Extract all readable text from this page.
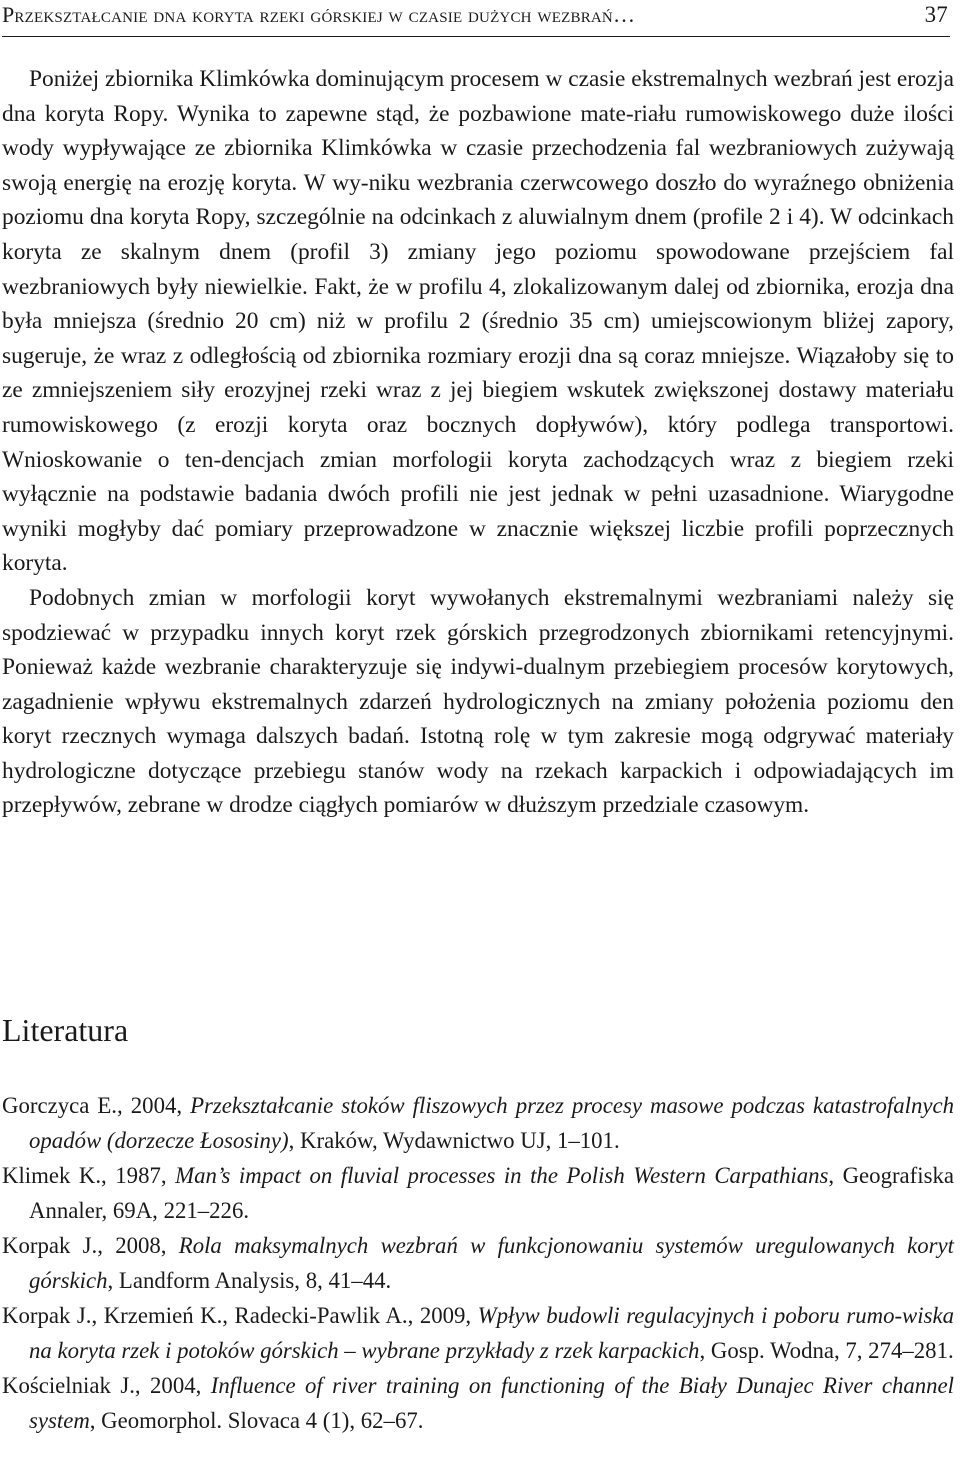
Przekształcanie dna koryta rzeki górskiej w czasie dużych wezbrań…	37

Poniżej zbiornika Klimkówka dominującym procesem w czasie ekstremalnych wezbrań jest erozja dna koryta Ropy. Wynika to zapewne stąd, że pozbawione mate-riału rumowiskowego duże ilości wody wypływające ze zbiornika Klimkówka w czasie przechodzenia fal wezbraniowych zużywają swoją energię na erozję koryta. W wy-niku wezbrania czerwcowego doszło do wyraźnego obniżenia poziomu dna koryta Ropy, szczególnie na odcinkach z aluwialnym dnem (profile 2 i 4). W odcinkach koryta ze skalnym dnem (profil 3) zmiany jego poziomu spowodowane przejściem fal wezbraniowych były niewielkie. Fakt, że w profilu 4, zlokalizowanym dalej od zbiornika, erozja dna była mniejsza (średnio 20 cm) niż w profilu 2 (średnio 35 cm) umiejscowionym bliżej zapory, sugeruje, że wraz z odległością od zbiornika rozmiary erozji dna są coraz mniejsze. Wiązałoby się to ze zmniejszeniem siły erozyjnej rzeki wraz z jej biegiem wskutek zwiększonej dostawy materiału rumowiskowego (z erozji koryta oraz bocznych dopływów), który podlega transportowi. Wnioskowanie o ten-dencjach zmian morfologii koryta zachodzących wraz z biegiem rzeki wyłącznie na podstawie badania dwóch profili nie jest jednak w pełni uzasadnione. Wiarygodne wyniki mogłyby dać pomiary przeprowadzone w znacznie większej liczbie profili poprzecznych koryta.

Podobnych zmian w morfologii koryt wywołanych ekstremalnymi wezbraniami należy się spodziewać w przypadku innych koryt rzek górskich przegrodzonych zbiornikami retencyjnymi. Ponieważ każde wezbranie charakteryzuje się indywi-dualnym przebiegiem procesów korytowych, zagadnienie wpływu ekstremalnych zdarzeń hydrologicznych na zmiany położenia poziomu den koryt rzecznych wymaga dalszych badań. Istotną rolę w tym zakresie mogą odgrywać materiały hydrologiczne dotyczące przebiegu stanów wody na rzekach karpackich i odpowiadających im przepływów, zebrane w drodze ciągłych pomiarów w dłuższym przedziale czasowym.

Literatura

Gorczyca E., 2004, Przekształcanie stoków fliszowych przez procesy masowe podczas katastrofalnych opadów (dorzecze Łososiny), Kraków, Wydawnictwo UJ, 1–101.

Klimek K., 1987, Man’s impact on fluvial processes in the Polish Western Carpathians, Geografiska Annaler, 69A, 221–226.

Korpak J., 2008, Rola maksymalnych wezbrań w funkcjonowaniu systemów uregulowanych koryt górskich, Landform Analysis, 8, 41–44.

Korpak J., Krzemień K., Radecki-Pawlik A., 2009, Wpływ budowli regulacyjnych i poboru rumo-wiska na koryta rzek i potoków górskich – wybrane przykłady z rzek karpackich, Gosp. Wodna, 7, 274–281.

Kościelniak J., 2004, Influence of river training on functioning of the Biały Dunajec River channel system, Geomorphol. Slovaca 4 (1), 62–67.
